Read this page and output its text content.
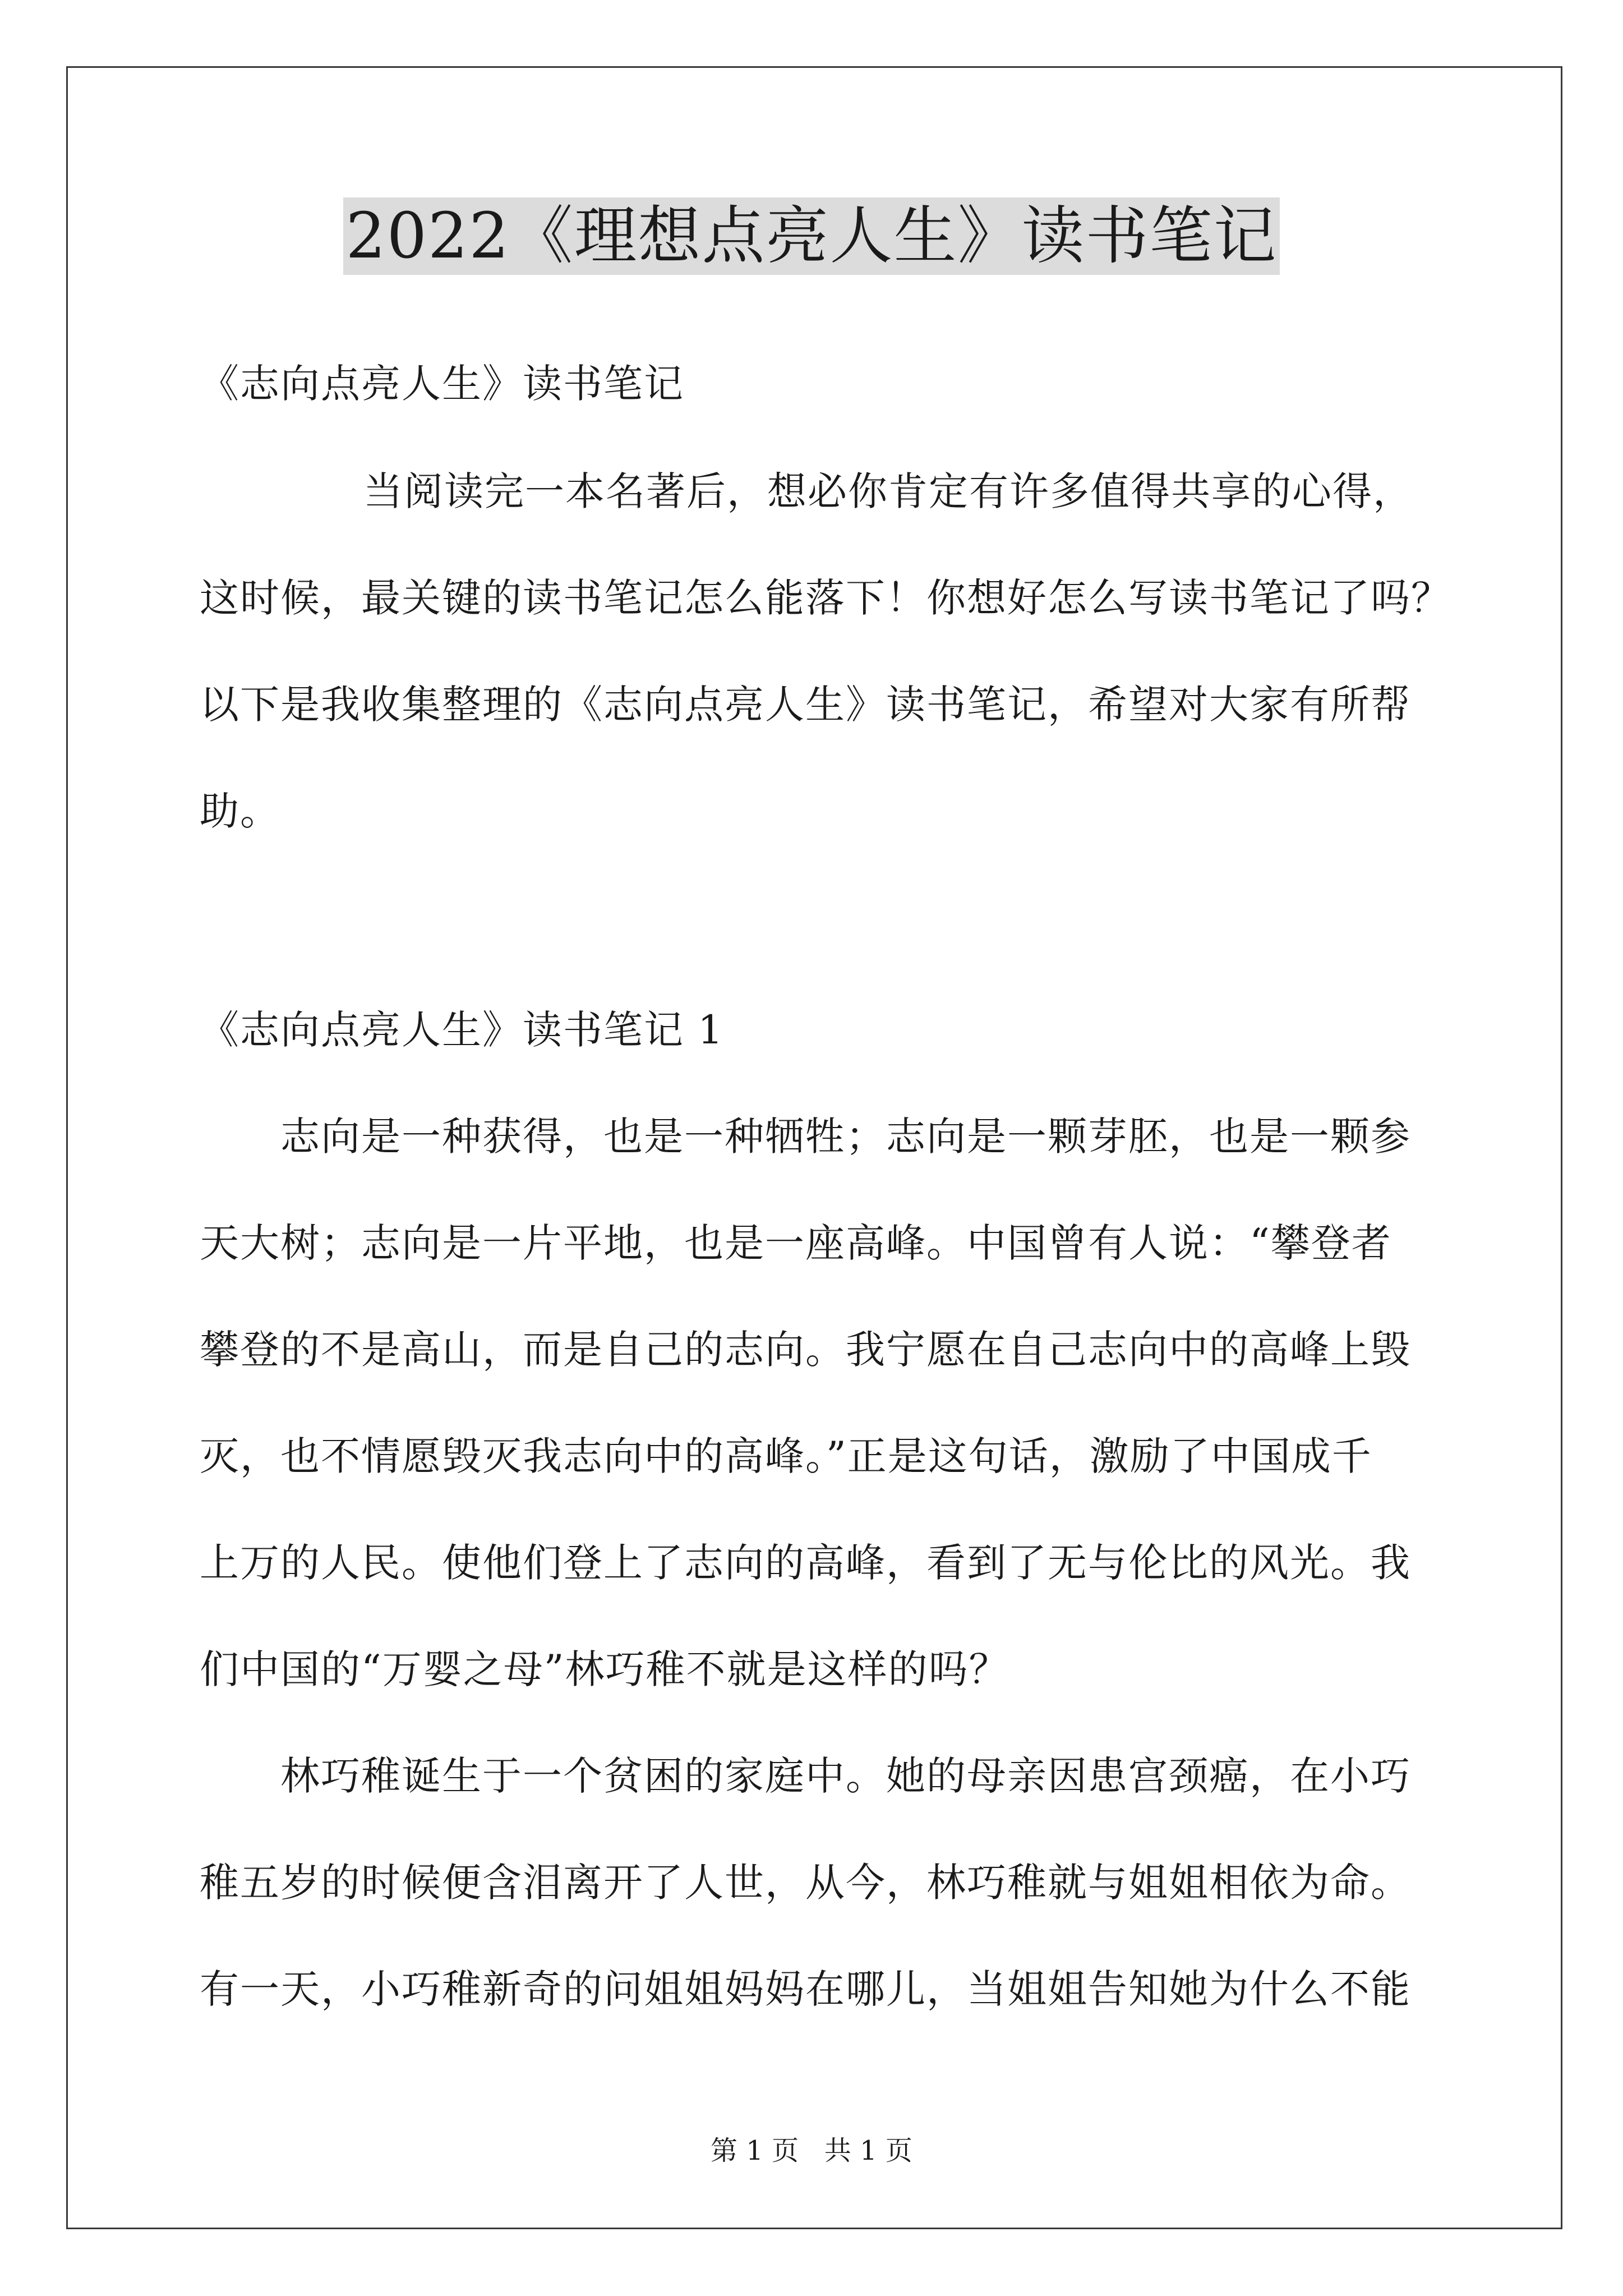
2022《理想点亮人生》读书笔记
《志向点亮人生》读书笔记
当阅读完一本名著后，想必你肯定有许多值得共享的心得，
这时候，最关键的读书笔记怎么能落下！你想好怎么写读书笔记了吗？
以下是我收集整理的《志向点亮人生》读书笔记，希望对大家有所帮
助。
《志向点亮人生》读书笔记 1
志向是一种获得，也是一种牺牲；志向是一颗芽胚，也是一颗参
天大树；志向是一片平地，也是一座高峰。中国曾有人说：“攀登者
攀登的不是高山，而是自己的志向。我宁愿在自己志向中的高峰上毁
灭，也不情愿毁灭我志向中的高峰。”正是这句话，激励了中国成千
上万的人民。使他们登上了志向的高峰，看到了无与伦比的风光。我
们中国的“万婴之母”林巧稚不就是这样的吗？
林巧稚诞生于一个贫困的家庭中。她的母亲因患宫颈癌，在小巧
稚五岁的时候便含泪离开了人世，从今，林巧稚就与姐姐相依为命。
有一天，小巧稚新奇的问姐姐妈妈在哪儿，当姐姐告知她为什么不能
第 1 页   共 1 页
